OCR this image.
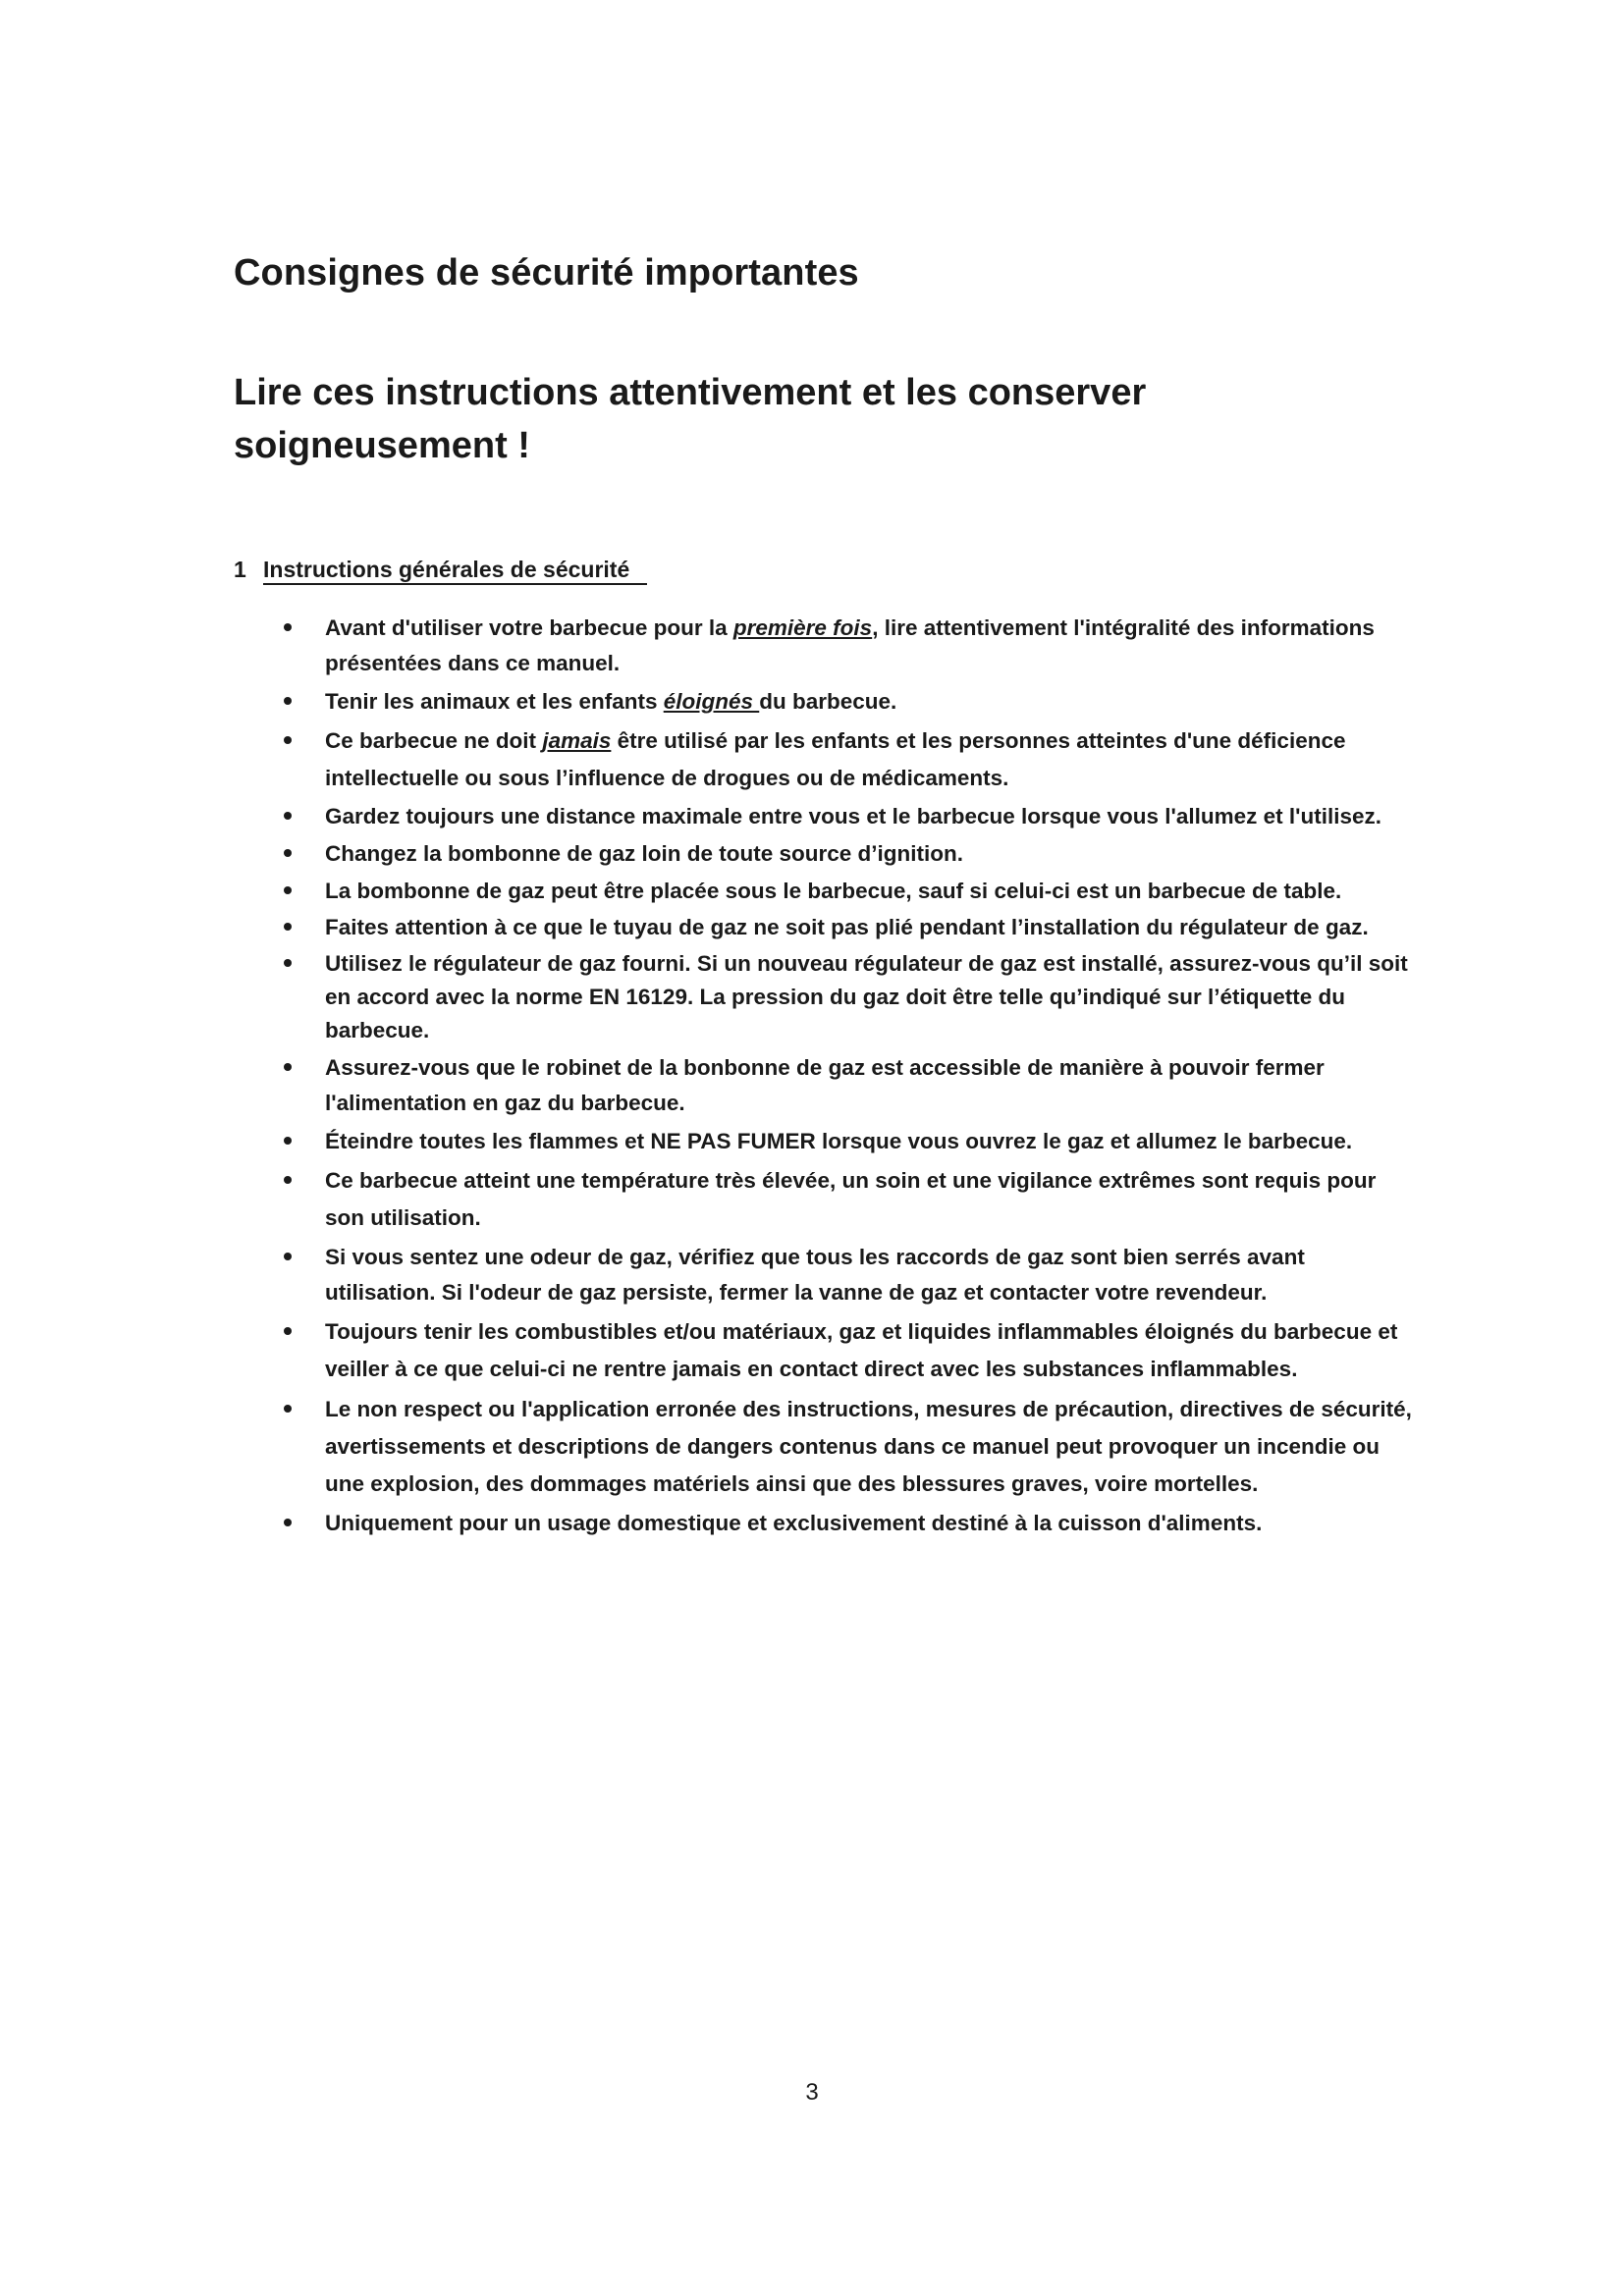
Consignes de sécurité importantes
Lire ces instructions attentivement et les conserver soigneusement !
1 Instructions générales de sécurité
Avant d'utiliser votre barbecue pour la première fois, lire attentivement l'intégralité des informations présentées dans ce manuel.
Tenir les animaux et les enfants éloignés du barbecue.
Ce barbecue ne doit jamais être utilisé par les enfants et les personnes atteintes d'une déficience intellectuelle ou sous l’influence de drogues ou de médicaments.
Gardez toujours une distance maximale entre vous et le barbecue lorsque vous l'allumez et l'utilisez.
Changez la bombonne de gaz loin de toute source d’ignition.
La bombonne de gaz peut être placée sous le barbecue, sauf si celui-ci est un barbecue de table.
Faites attention à ce que le tuyau de gaz ne soit pas plié pendant l’installation du régulateur de gaz.
Utilisez le régulateur de gaz fourni. Si un nouveau régulateur de gaz est installé, assurez-vous qu’il soit en accord avec la norme EN 16129. La pression du gaz doit être telle qu’indiqué sur l’étiquette du barbecue.
Assurez-vous que le robinet de la bonbonne de gaz est accessible de manière à pouvoir fermer l'alimentation en gaz du barbecue.
Éteindre toutes les flammes et NE PAS FUMER lorsque vous ouvrez le gaz et allumez le barbecue.
Ce barbecue atteint une température très élevée, un soin et une vigilance extrêmes sont requis pour son utilisation.
Si vous sentez une odeur de gaz, vérifiez que tous les raccords de gaz sont bien serrés avant utilisation. Si l'odeur de gaz persiste, fermer la vanne de gaz et contacter votre revendeur.
Toujours tenir les combustibles et/ou matériaux, gaz et liquides inflammables éloignés du barbecue et veiller à ce que celui-ci ne rentre jamais en contact direct avec les substances inflammables.
Le non respect ou l'application erronée des instructions, mesures de précaution, directives de sécurité, avertissements et descriptions de dangers contenus dans ce manuel peut provoquer un incendie ou une explosion, des dommages matériels ainsi que des blessures graves, voire mortelles.
Uniquement pour un usage domestique et exclusivement destiné à la cuisson d'aliments.
3
